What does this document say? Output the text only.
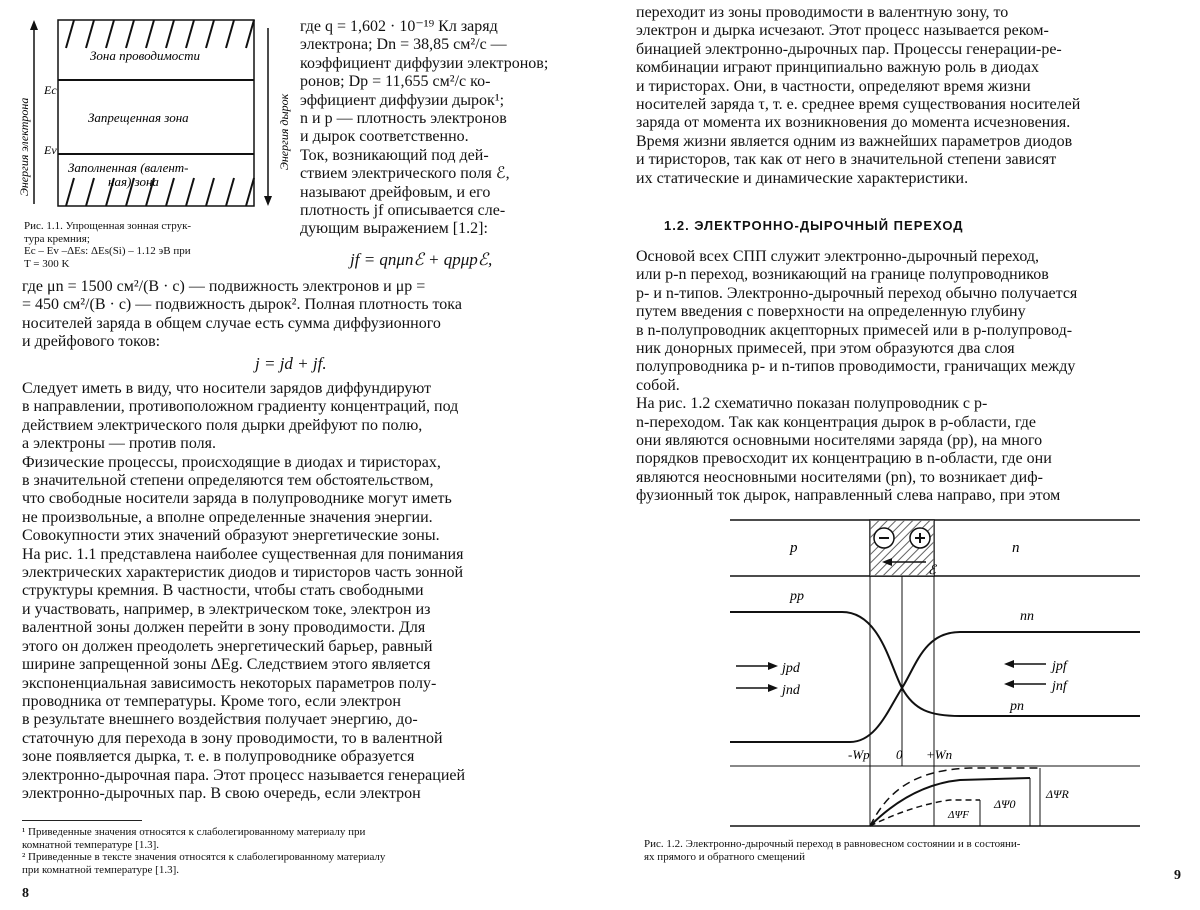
Зона проводимости
Запрещенная зона
Заполненная (валент-
ная) зона
Ec
Ev
Энергия электрона	Энергия дырок
Рис. 1.1. Упрощенная зонная струк-
тура кремния;
Eс – Ev –ΔEs: ΔEs(Si) – 1.12 эВ при
T = 300 K
где q = 1,602 · 10⁻¹⁹ Кл заряд
электрона; Dn = 38,85 см²/с —
коэффициент диффузии электронов;
ронов; Dp = 11,655 см²/с ко-
эффициент диффузии дырок¹;
n и p — плотность электронов
и дырок соответственно.
Ток, возникающий под дей-
ствием электрического поля ℰ,
называют дрейфовым, и его
плотность jf описывается сле-
дующим выражением [1.2]:
jf = qnμnℰ + qpμpℰ,
где μn = 1500 см²/(В · с) — подвижность электронов и μp =
= 450 см²/(В · с) — подвижность дырок². Полная плотность тока
носителей заряда в общем случае есть сумма диффузионного
и дрейфового токов:
j = jd + jf.
Следует иметь в виду, что носители зарядов диффундируют
в направлении, противоположном градиенту концентраций, под
действием электрического поля дырки дрейфуют по полю,
а электроны — против поля.
Физические процессы, происходящие в диодах и тиристорах,
в значительной степени определяются тем обстоятельством,
что свободные носители заряда в полупроводнике могут иметь
не произвольные, а вполне определенные значения энергии.
Совокупности этих значений образуют энергетические зоны.
На рис. 1.1 представлена наиболее существенная для понимания
электрических характеристик диодов и тиристоров часть зонной
структуры кремния. В частности, чтобы стать свободными
и участвовать, например, в электрическом токе, электрон из
валентной зоны должен перейти в зону проводимости. Для
этого он должен преодолеть энергетический барьер, равный
ширине запрещенной зоны ΔEg. Следствием этого является
экспоненциальная зависимость некоторых параметров полу-
проводника от температуры. Кроме того, если электрон
в результате внешнего воздействия получает энергию, до-
статочную для перехода в зону проводимости, то в валентной
зоне появляется дырка, т. е. в полупроводнике образуется
электронно-дырочная пара. Этот процесс называется генерацией
электронно-дырочных пар. В свою очередь, если электрон
¹ Приведенные значения относятся к слаболегированному материалу при
комнатной температуре [1.3].
² Приведенные в тексте значения относятся к слаболегированному материалу
при комнатной температуре [1.3].
8
переходит из зоны проводимости в валентную зону, то
электрон и дырка исчезают. Этот процесс называется реком-
бинацией электронно-дырочных пар. Процессы генерации-ре-
комбинации играют принципиально важную роль в диодах
и тиристорах. Они, в частности, определяют время жизни
носителей заряда τ, т. е. среднее время существования носителей
заряда от момента их возникновения до момента исчезновения.
Время жизни является одним из важнейших параметров диодов
и тиристоров, так как от него в значительной степени зависят
их статические и динамические характеристики.
1.2. ЭЛЕКТРОННО-ДЫРОЧНЫЙ ПЕРЕХОД
Основой всех СПП служит электронно-дырочный переход,
или p-n переход, возникающий на границе полупроводников
p- и n-типов. Электронно-дырочный переход обычно получается
путем введения с поверхности на определенную глубину
в n-полупроводник акцепторных примесей или в p-полупровод-
ник донорных примесей, при этом образуются два слоя
полупроводника p- и n-типов проводимости, граничащих между
собой.
На рис. 1.2 схематично показан полупроводник с p-
n-переходом. Так как концентрация дырок в p-области, где
они являются основными носителями заряда (pp), на много
порядков превосходит их концентрацию в n-области, где они
являются неосновными носителями (pn), то возникает диф-
фузионный ток дырок, направленный слева направо, при этом
p	n
ℰ
pp
nn
pn
jpd
jnd
jpf
jnf
-Wp 0 +Wn
ΔΨ0
ΔΨF
ΔΨR
Рис. 1.2. Электронно-дырочный переход в равновесном состоянии и в состояни-
ях прямого и обратного смещений
9
